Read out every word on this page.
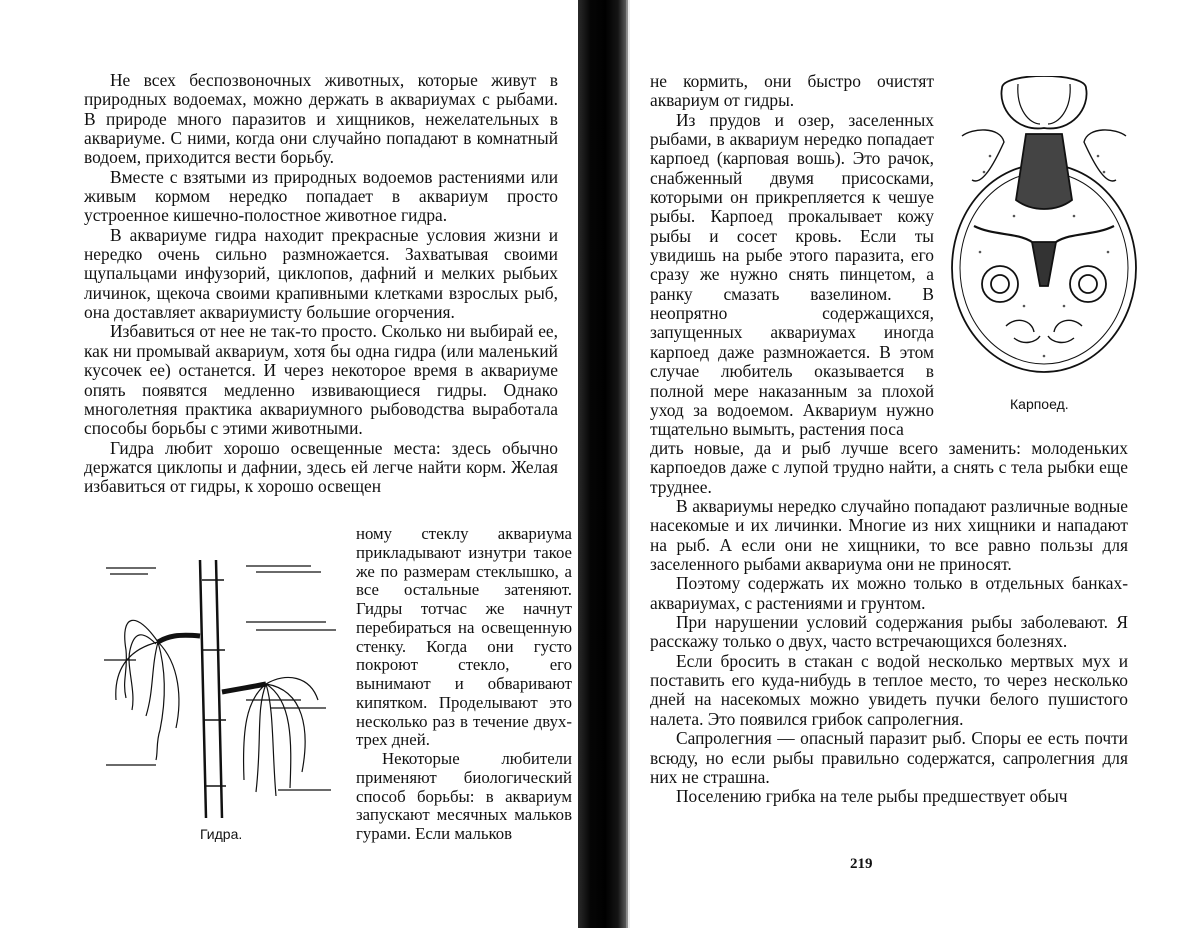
Не всех беспозвоночных животных, которые живут в природных водоемах, можно держать в аквариумах с рыбами. В природе много паразитов и хищников, нежелательных в аквариуме. С ними, когда они случайно попадают в комнатный водоем, приходится вести борьбу.

Вместе с взятыми из природных водоемов растениями или живым кормом нередко попадает в аквариум просто устроенное кишечно-полостное животное гидра.

В аквариуме гидра находит прекрасные условия жизни и нередко очень сильно размножается. Захватывая своими щупальцами инфузорий, циклопов, дафний и мелких рыбьих личинок, щекоча своими крапивными клетками взрослых рыб, она доставляет аквариумисту большие огорчения.

Избавиться от нее не так-то просто. Сколько ни вы­бирай ее, как ни промывай аквариум, хотя бы одна гидра (или маленький кусочек ее) останется. И через некото­рое время в аквариуме опять появятся медленно изви­вающиеся гидры. Однако многолетняя практика аква­риумного рыбоводства выработала способы борьбы с эти­ми животными.

Гидра любит хорошо освещенные места: здесь обыч­но держатся циклопы и дафнии, здесь ей легче найти корм. Желая избавиться от гидры, к хорошо освещен­

ному стеклу аквариума прикладывают изнутри та­кое же по размерам стек­лышко, а все остальные за­теняют. Гидры тотчас же начнут перебираться на освещенную стенку. Когда они густо покроют стекло, его вынимают и обвари­вают кипятком. Проделы­вают это несколько раз в течение двух-трех дней.

Некоторые любители применяют биологический способ борьбы: в аквариум запускают месячных маль­ков гурами. Если мальков

Гидра.

не кормить, они быстро очистят аквариум от гидры.

Из прудов и озер, заселенных рыбами, в аквариум нередко по­падает карпоед (карповая вошь). Это рачок, снабженный двумя присосками, которыми он при­крепляется к чешуе рыбы. Кар­поед прокалывает кожу рыбы и сосет кровь. Если ты увидишь на рыбе этого паразита, его сразу же нужно снять пинцетом, а ранку смазать вазелином. В неопрятно содержащихся, запущенных аква­риумах иногда карпоед даже раз­множается. В этом случае любитель оказывается в полной мере наказанным за плохой уход за водоемом. Аквариум нужно тща­тельно вымыть, растения поса­

Карпоед.

дить новые, да и рыб лучше всего заменить: молодень­ких карпоедов даже с лупой трудно найти, а снять с тела рыбки еще труднее.

В аквариумы нередко случайно попадают различные водные насекомые и их личинки. Многие из них хищни­ки и нападают на рыб. А если они не хищники, то все равно пользы для заселенного рыбами аквариума они не приносят.

Поэтому содержать их можно только в отдельных банках-аквариумах, с растениями и грунтом.

При нарушении условий содержания рыбы заболе­вают. Я расскажу только о двух, часто встречающихся болезнях.

Если бросить в стакан с водой несколько мертвых мух и поставить его куда-нибудь в теплое место, то че­рез несколько дней на насекомых можно увидеть пучки белого пушистого налета. Это появился грибок сапро­легния.

Сапролегния — опасный паразит рыб. Споры ее есть почти всюду, но если рыбы правильно содержатся, са­пролегния для них не страшна.

Поселению грибка на теле рыбы предшествует обыч­

219
